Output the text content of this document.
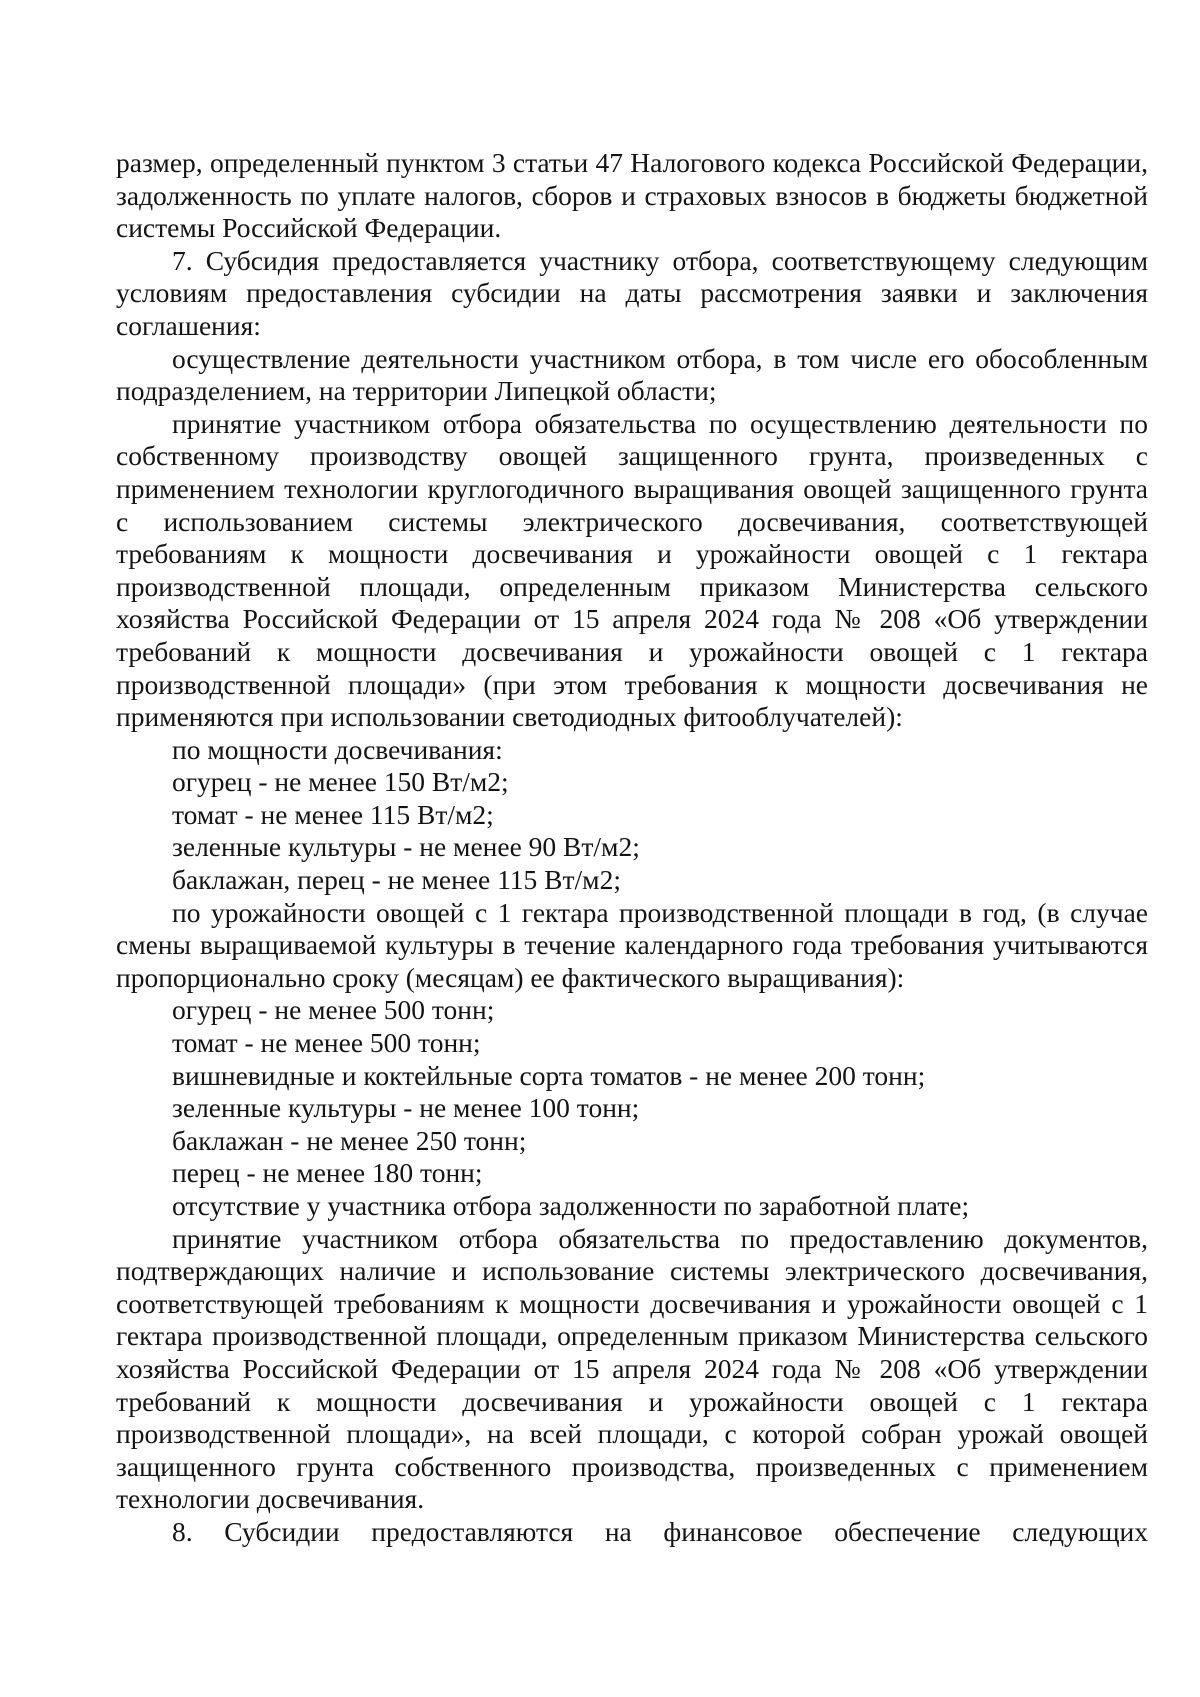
размер, определенный пунктом 3 статьи 47 Налогового кодекса Российской Федерации, задолженность по уплате налогов, сборов и страховых взносов в бюджеты бюджетной системы Российской Федерации.

7. Субсидия предоставляется участнику отбора, соответствующему следующим условиям предоставления субсидии на даты рассмотрения заявки и заключения соглашения:

осуществление деятельности участником отбора, в том числе его обособленным подразделением, на территории Липецкой области;

принятие участником отбора обязательства по осуществлению деятельности по собственному производству овощей защищенного грунта, произведенных с применением технологии круглогодичного выращивания овощей защищенного грунта с использованием системы электрического досвечивания, соответствующей требованиям к мощности досвечивания и урожайности овощей с 1 гектара производственной площади, определенным приказом Министерства сельского хозяйства Российской Федерации от 15 апреля 2024 года № 208 «Об утверждении требований к мощности досвечивания и урожайности овощей с 1 гектара производственной площади» (при этом требования к мощности досвечивания не применяются при использовании светодиодных фитооблучателей):

по мощности досвечивания:

огурец - не менее 150 Вт/м2;

томат - не менее 115 Вт/м2;

зеленные культуры - не менее 90 Вт/м2;

баклажан, перец - не менее 115 Вт/м2;

по урожайности овощей с 1 гектара производственной площади в год, (в случае смены выращиваемой культуры в течение календарного года требования учитываются пропорционально сроку (месяцам) ее фактического выращивания):

огурец - не менее 500 тонн;

томат - не менее 500 тонн;

вишневидные и коктейльные сорта томатов - не менее 200 тонн;

зеленные культуры - не менее 100 тонн;

баклажан - не менее 250 тонн;

перец - не менее 180 тонн;

отсутствие у участника отбора задолженности по заработной плате;

принятие участником отбора обязательства по предоставлению документов, подтверждающих наличие и использование системы электрического досвечивания, соответствующей требованиям к мощности досвечивания и урожайности овощей с 1 гектара производственной площади, определенным приказом Министерства сельского хозяйства Российской Федерации от 15 апреля 2024 года № 208 «Об утверждении требований к мощности досвечивания и урожайности овощей с 1 гектара производственной площади», на всей площади, с которой собран урожай овощей защищенного грунта собственного производства, произведенных с применением технологии досвечивания.

8. Субсидии предоставляются на финансовое обеспечение следующих
